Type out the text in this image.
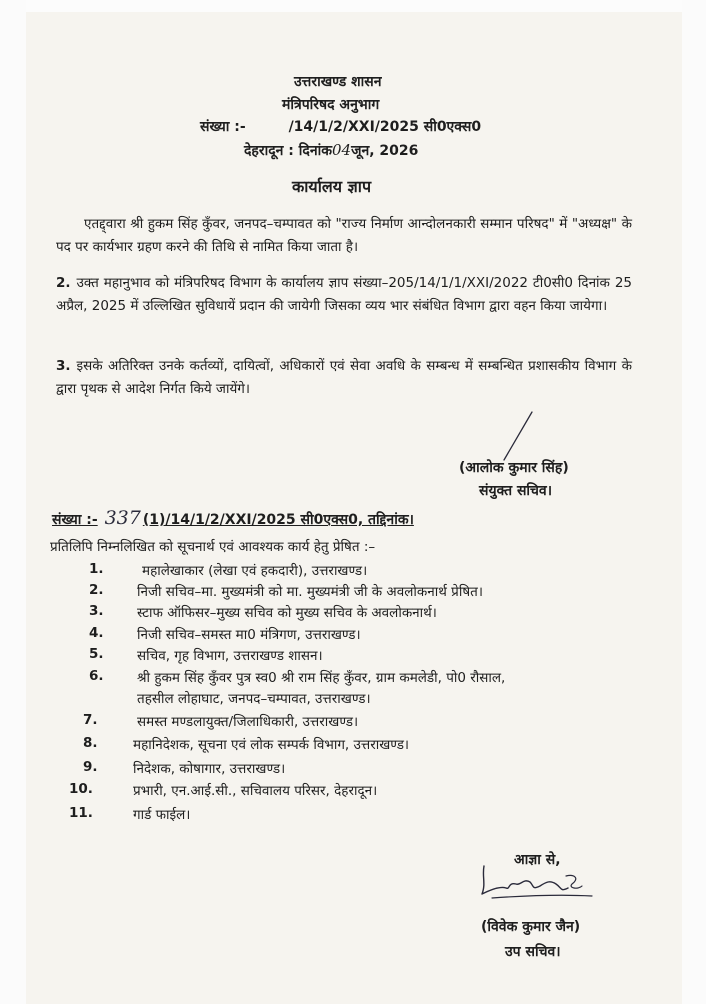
उत्तराखण्ड शासन
मंत्रिपरिषद अनुभाग
संख्या :-	/14/1/2/XXI/2025 सी0एक्स0
देहरादून : दिनांक04जून, 2026
कार्यालय ज्ञाप
एतद्द्वारा श्री हुकम सिंह कुँवर, जनपद–चम्पावत को "राज्य निर्माण आन्दोलनकारी सम्मान परिषद" में "अध्यक्ष" के पद पर कार्यभार ग्रहण करने की तिथि से नामित किया जाता है।
2. उक्त महानुभाव को मंत्रिपरिषद विभाग के कार्यालय ज्ञाप संख्या–205/14/1/1/XXI/2022 टी0सी0 दिनांक 25 अप्रैल, 2025 में उल्लिखित सुविधायें प्रदान की जायेगी जिसका व्यय भार संबंधित विभाग द्वारा वहन किया जायेगा।
3. इसके अतिरिक्त उनके कर्तव्यों, दायित्वों, अधिकारों एवं सेवा अवधि के सम्बन्ध में सम्बन्धित प्रशासकीय विभाग के द्वारा पृथक से आदेश निर्गत किये जायेंगे।
(आलोक कुमार सिंह)
संयुक्त सचिव।
संख्या :- 337 (1)/14/1/2/XXI/2025 सी0एक्स0, तद्दिनांक।
प्रतिलिपि निम्नलिखित को सूचनार्थ एवं आवश्यक कार्य हेतु प्रेषित :–
1.	महालेखाकार (लेखा एवं हकदारी), उत्तराखण्ड।
2. निजी सचिव–मा. मुख्यमंत्री को मा. मुख्यमंत्री जी के अवलोकनार्थ प्रेषित।
3. स्टाफ ऑफिसर–मुख्य सचिव को मुख्य सचिव के अवलोकनार्थ।
4. निजी सचिव–समस्त मा0 मंत्रिगण, उत्तराखण्ड।
5. सचिव, गृह विभाग, उत्तराखण्ड शासन।
6. श्री हुकम सिंह कुँवर पुत्र स्व0 श्री राम सिंह कुँवर, ग्राम कमलेडी, पो0 रौसाल,
तहसील लोहाघाट, जनपद–चम्पावत, उत्तराखण्ड।
7.	समस्त मण्डलायुक्त/जिलाधिकारी, उत्तराखण्ड।
8.	महानिदेशक, सूचना एवं लोक सम्पर्क विभाग, उत्तराखण्ड।
9.	निदेशक, कोषागार, उत्तराखण्ड।
10.	प्रभारी, एन.आई.सी., सचिवालय परिसर, देहरादून।
11.	गार्ड फाईल।
आज्ञा से,
(विवेक कुमार जैन)
उप सचिव।
